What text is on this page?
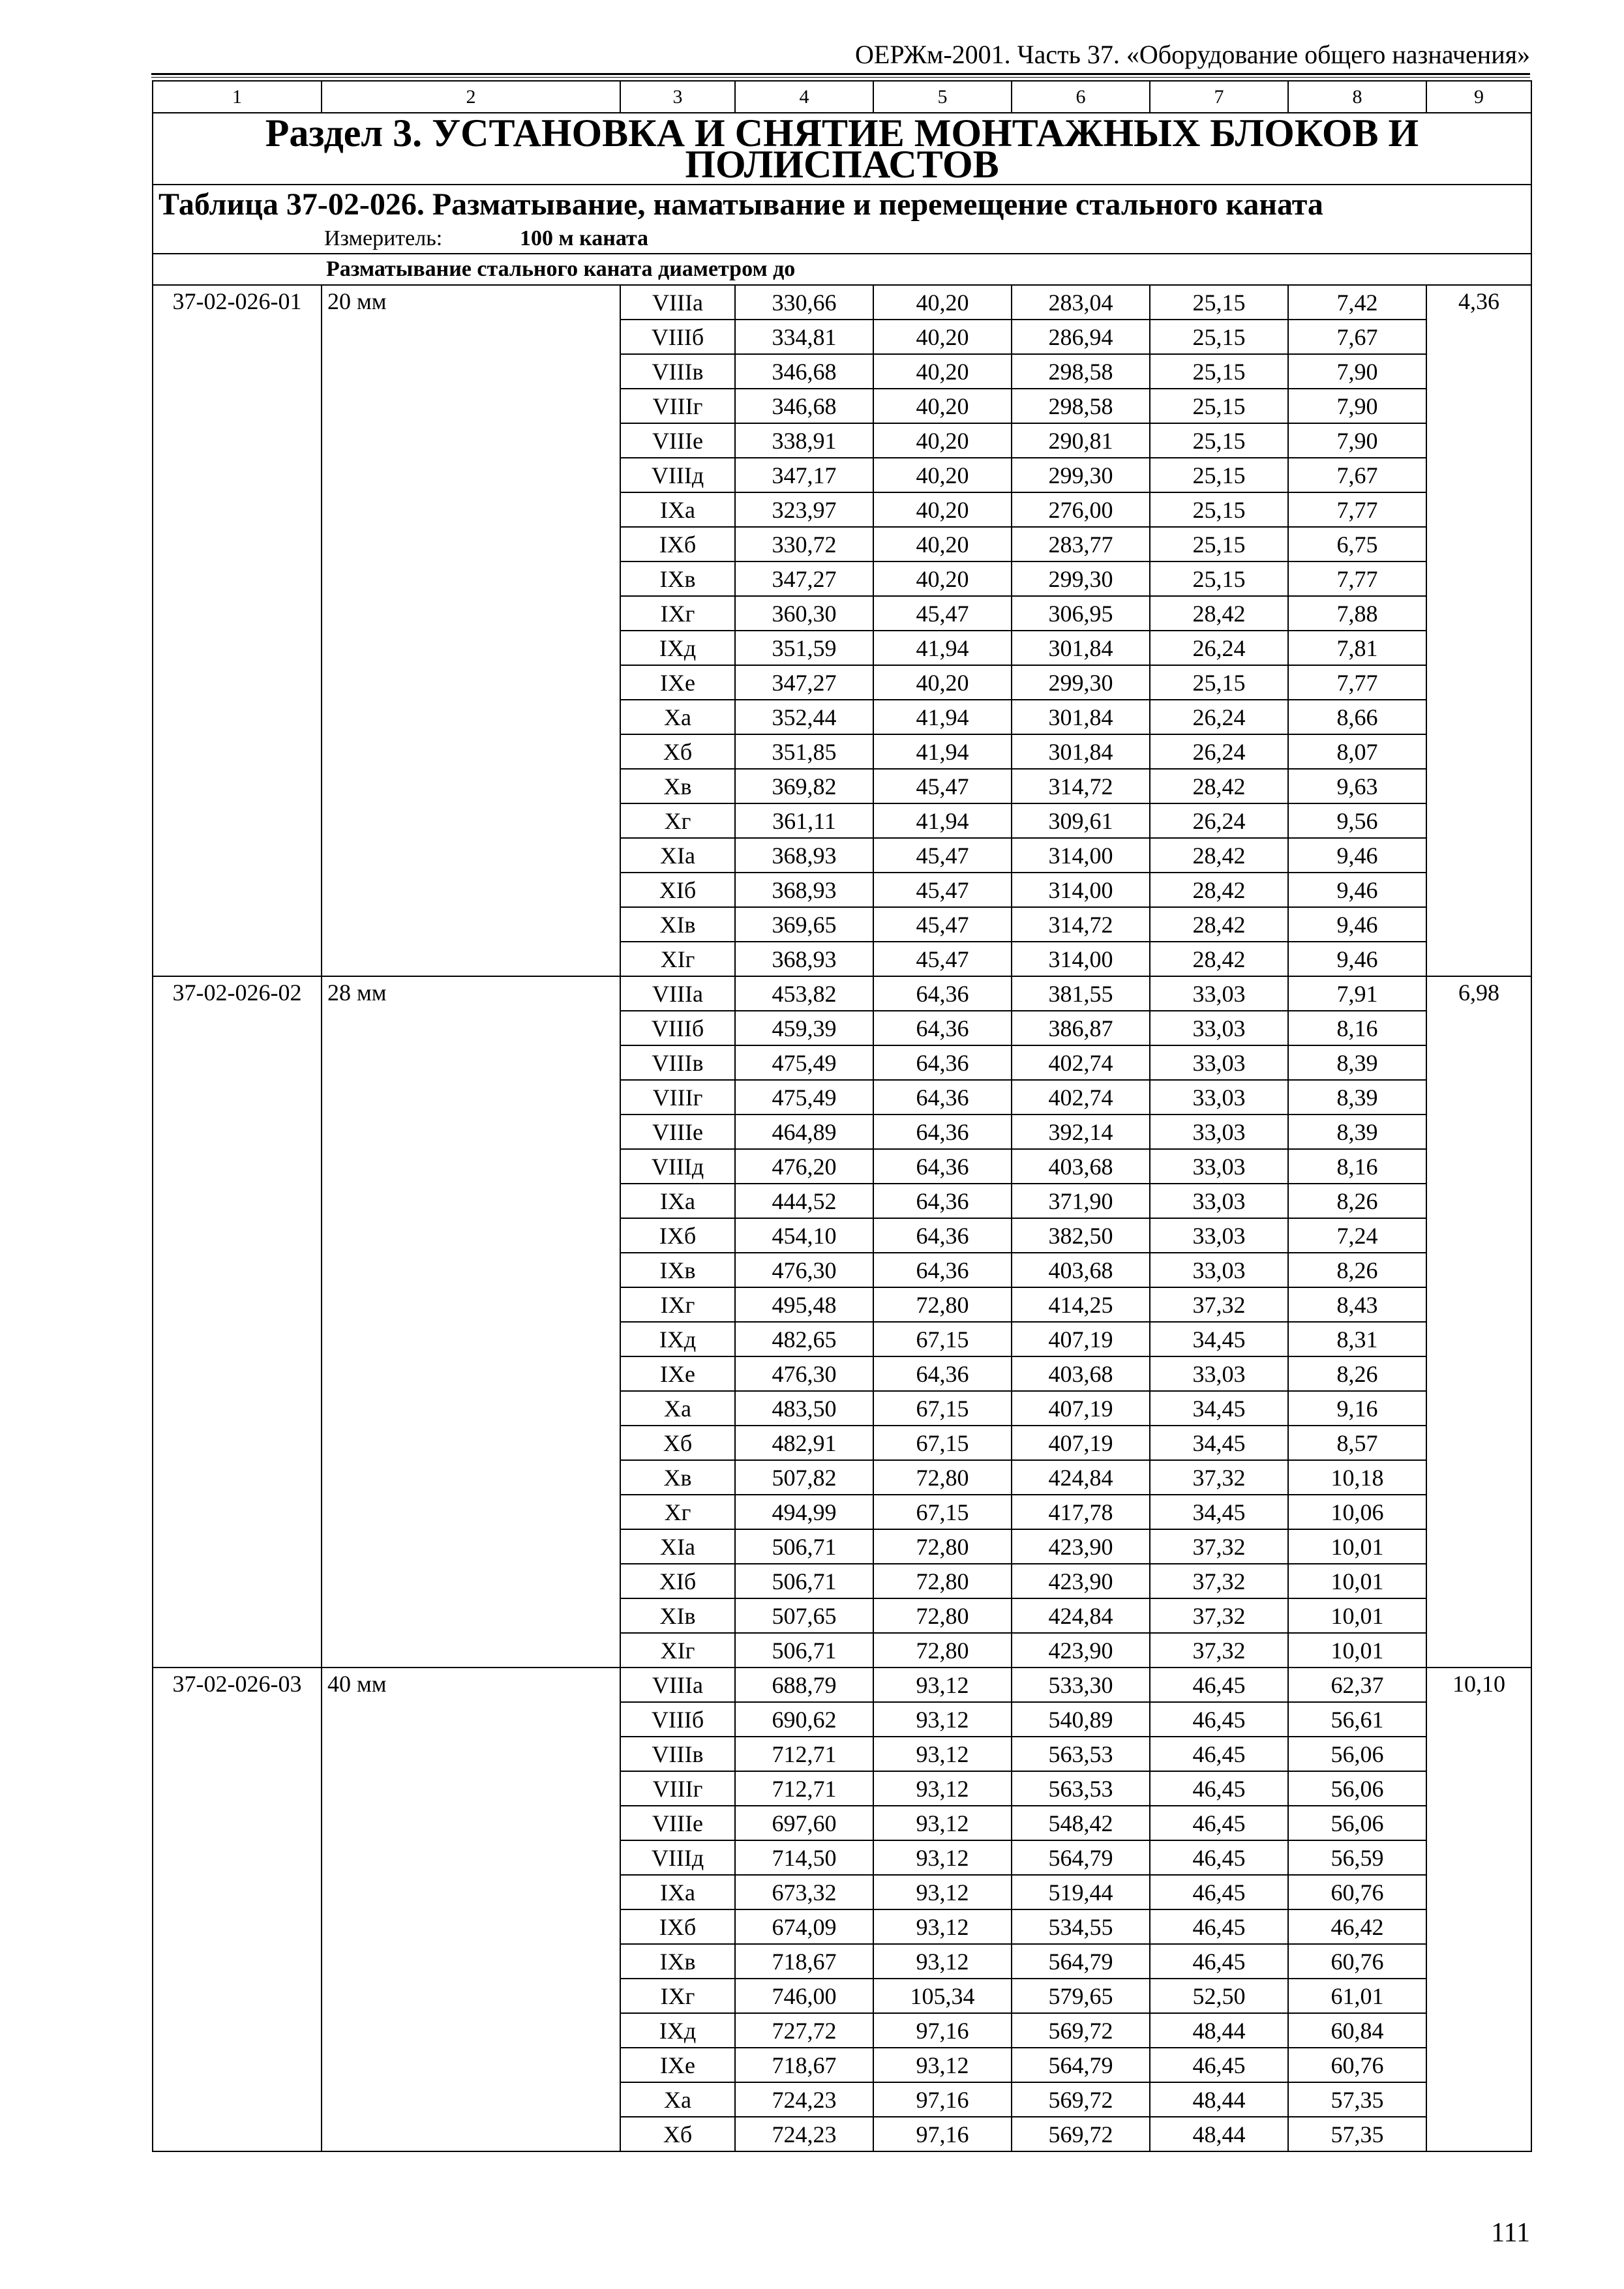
ОЕРЖм-2001. Часть 37. «Оборудование общего назначения»
1	2	3	4	5	6	7	8	9

Раздел 3. УСТАНОВКА И СНЯТИЕ МОНТАЖНЫХ БЛОКОВ И
ПОЛИСПАСТОВ								

Таблица 37-02-026. Разматывание, наматывание и перемещение стального каната								
Измеритель: 100 м каната								
Разматывание стального каната диаметром до								
37-02-026-01	20 мм	VIIIа	330,66	40,20	283,04	25,15	7,42	4,36
		VIIIб	334,81	40,20	286,94	25,15	7,67	
		VIIIв	346,68	40,20	298,58	25,15	7,90	
		VIIIг	346,68	40,20	298,58	25,15	7,90	
		VIIIе	338,91	40,20	290,81	25,15	7,90	
		VIIIд	347,17	40,20	299,30	25,15	7,67	
		IXа	323,97	40,20	276,00	25,15	7,77	
		IXб	330,72	40,20	283,77	25,15	6,75	
		IXв	347,27	40,20	299,30	25,15	7,77	
		IXг	360,30	45,47	306,95	28,42	7,88	
		IXд	351,59	41,94	301,84	26,24	7,81	
		IXе	347,27	40,20	299,30	25,15	7,77	
		Xа	352,44	41,94	301,84	26,24	8,66	
		Xб	351,85	41,94	301,84	26,24	8,07	
		Xв	369,82	45,47	314,72	28,42	9,63	
		Xг	361,11	41,94	309,61	26,24	9,56	
		XIа	368,93	45,47	314,00	28,42	9,46	
		XIб	368,93	45,47	314,00	28,42	9,46	
		XIв	369,65	45,47	314,72	28,42	9,46	
		XIг	368,93	45,47	314,00	28,42	9,46	
37-02-026-02	28 мм	VIIIа	453,82	64,36	381,55	33,03	7,91	6,98
		VIIIб	459,39	64,36	386,87	33,03	8,16	
		VIIIв	475,49	64,36	402,74	33,03	8,39	
		VIIIг	475,49	64,36	402,74	33,03	8,39	
		VIIIе	464,89	64,36	392,14	33,03	8,39	
		VIIIд	476,20	64,36	403,68	33,03	8,16	
		IXа	444,52	64,36	371,90	33,03	8,26	
		IXб	454,10	64,36	382,50	33,03	7,24	
		IXв	476,30	64,36	403,68	33,03	8,26	
		IXг	495,48	72,80	414,25	37,32	8,43	
		IXд	482,65	67,15	407,19	34,45	8,31	
		IXе	476,30	64,36	403,68	33,03	8,26	
		Xа	483,50	67,15	407,19	34,45	9,16	
		Xб	482,91	67,15	407,19	34,45	8,57	
		Xв	507,82	72,80	424,84	37,32	10,18	
		Xг	494,99	67,15	417,78	34,45	10,06	
		XIа	506,71	72,80	423,90	37,32	10,01	
		XIб	506,71	72,80	423,90	37,32	10,01	
		XIв	507,65	72,80	424,84	37,32	10,01	
		XIг	506,71	72,80	423,90	37,32	10,01	
37-02-026-03	40 мм	VIIIа	688,79	93,12	533,30	46,45	62,37	10,10
		VIIIб	690,62	93,12	540,89	46,45	56,61	
		VIIIв	712,71	93,12	563,53	46,45	56,06	
		VIIIг	712,71	93,12	563,53	46,45	56,06	
		VIIIе	697,60	93,12	548,42	46,45	56,06	
		VIIIд	714,50	93,12	564,79	46,45	56,59	
		IXа	673,32	93,12	519,44	46,45	60,76	
		IXб	674,09	93,12	534,55	46,45	46,42	
		IXв	718,67	93,12	564,79	46,45	60,76	
		IXг	746,00	105,34	579,65	52,50	61,01	
		IXд	727,72	97,16	569,72	48,44	60,84	
		IXе	718,67	93,12	564,79	46,45	60,76	
		Xа	724,23	97,16	569,72	48,44	57,35	
		Xб	724,23	97,16	569,72	48,44	57,35	
111
